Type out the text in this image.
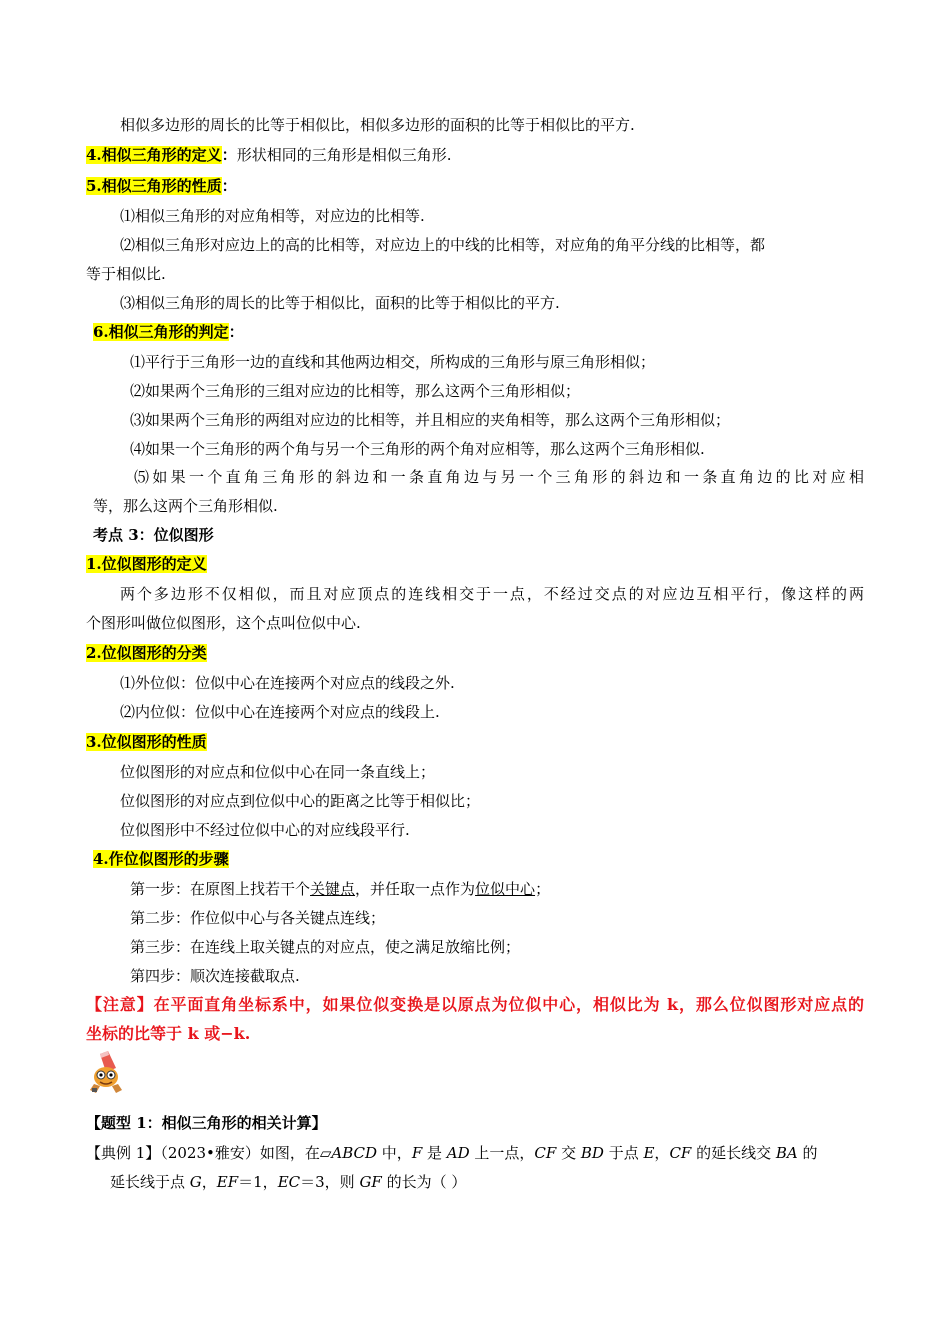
相似多边形的周长的比等于相似比，相似多边形的面积的比等于相似比的平方.
4.相似三角形的定义：形状相同的三角形是相似三角形.
5.相似三角形的性质：
⑴相似三角形的对应角相等，对应边的比相等.
⑵相似三角形对应边上的高的比相等，对应边上的中线的比相等，对应角的角平分线的比相等，都
等于相似比.
⑶相似三角形的周长的比等于相似比，面积的比等于相似比的平方.
6.相似三角形的判定：
⑴平行于三角形一边的直线和其他两边相交，所构成的三角形与原三角形相似；
⑵如果两个三角形的三组对应边的比相等，那么这两个三角形相似；
⑶如果两个三角形的两组对应边的比相等，并且相应的夹角相等，那么这两个三角形相似；
⑷如果一个三角形的两个角与另一个三角形的两个角对应相等，那么这两个三角形相似.
⑸如果一个直角三角形的斜边和一条直角边与另一个三角形的斜边和一条直角边的比对应相
等，那么这两个三角形相似.
考点 3：位似图形
1.位似图形的定义
两个多边形不仅相似，而且对应顶点的连线相交于一点，不经过交点的对应边互相平行，像这样的两
个图形叫做位似图形，这个点叫位似中心.
2.位似图形的分类
⑴外位似：位似中心在连接两个对应点的线段之外.
⑵内位似：位似中心在连接两个对应点的线段上.
3.位似图形的性质
位似图形的对应点和位似中心在同一条直线上；
位似图形的对应点到位似中心的距离之比等于相似比；
位似图形中不经过位似中心的对应线段平行.
4.作位似图形的步骤
第一步：在原图上找若干个关键点，并任取一点作为位似中心；
第二步：作位似中心与各关键点连线；
第三步：在连线上取关键点的对应点，使之满足放缩比例；
第四步：顺次连接截取点.
【注意】在平面直角坐标系中，如果位似变换是以原点为位似中心，相似比为 k，那么位似图形对应点的
坐标的比等于 k 或−k.
【题型 1：相似三角形的相关计算】
【典例 1】（2023•雅安）如图，在▱ABCD 中，F 是 AD 上一点，CF 交 BD 于点 E，CF 的延长线交 BA 的
延长线于点 G，EF＝1，EC＝3，则 GF 的长为（ ）
